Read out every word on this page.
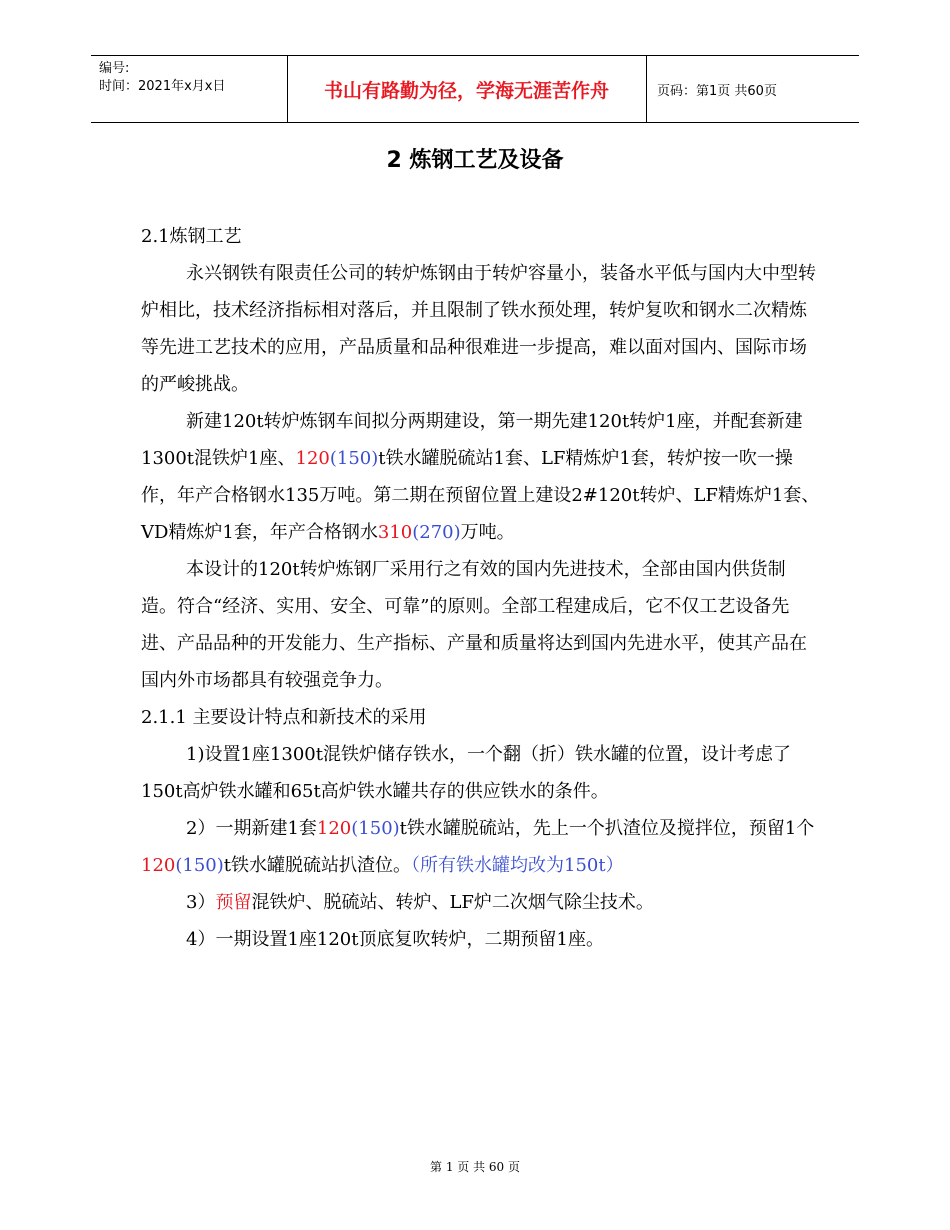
编号:
时间：2021年x月x日	书山有路勤为径，学海无涯苦作舟	页码：第1页 共60页
2 炼钢工艺及设备

2.1炼钢工艺

永兴钢铁有限责任公司的转炉炼钢由于转炉容量小，装备水平低与国内大中型转炉相比，技术经济指标相对落后，并且限制了铁水预处理，转炉复吹和钢水二次精炼等先进工艺技术的应用，产品质量和品种很难进一步提高，难以面对国内、国际市场的严峻挑战。

新建120t转炉炼钢车间拟分两期建设，第一期先建120t转炉1座，并配套新建1300t混铁炉1座、120(150)t铁水罐脱硫站1套、LF精炼炉1套，转炉按一吹一操作，年产合格钢水135万吨。第二期在预留位置上建设2#120t转炉、LF精炼炉1套、VD精炼炉1套，年产合格钢水310(270)万吨。

本设计的120t转炉炼钢厂采用行之有效的国内先进技术，全部由国内供货制造。符合“经济、实用、安全、可靠”的原则。全部工程建成后，它不仅工艺设备先进、产品品种的开发能力、生产指标、产量和质量将达到国内先进水平，使其产品在国内外市场都具有较强竞争力。

2.1.1 主要设计特点和新技术的采用

1)设置1座1300t混铁炉储存铁水，一个翻（折）铁水罐的位置，设计考虑了150t高炉铁水罐和65t高炉铁水罐共存的供应铁水的条件。

2）一期新建1套120(150)t铁水罐脱硫站，先上一个扒渣位及搅拌位，预留1个120(150)t铁水罐脱硫站扒渣位。（所有铁水罐均改为150t）

3）预留混铁炉、脱硫站、转炉、LF炉二次烟气除尘技术。

4）一期设置1座120t顶底复吹转炉，二期预留1座。

第 1 页 共 60 页
